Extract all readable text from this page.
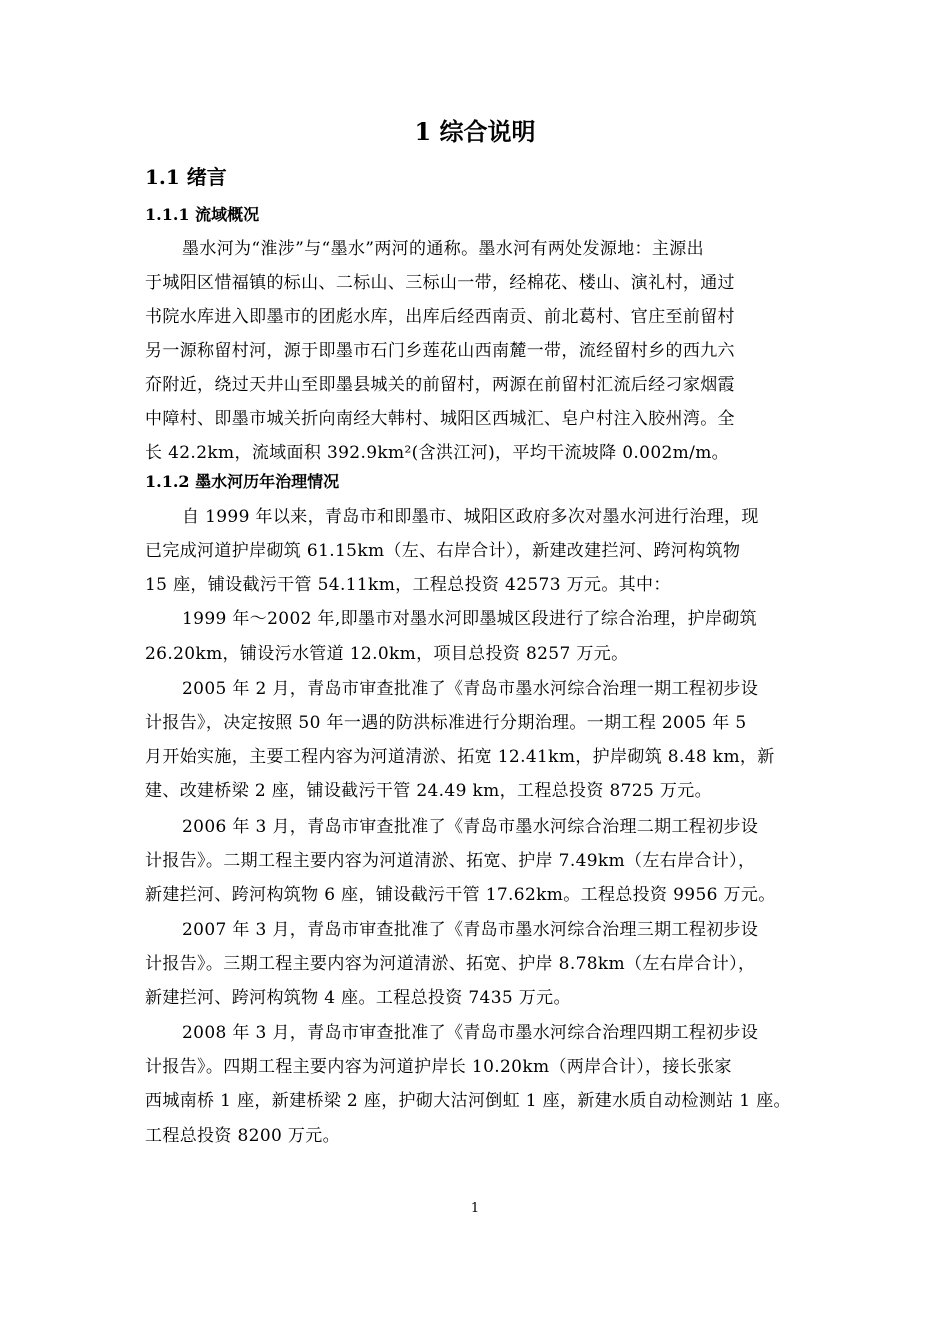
1 综合说明
1.1 绪言
1.1.1 流域概况
墨水河为“淮涉”与“墨水”两河的通称。墨水河有两处发源地：主源出
于城阳区惜福镇的标山、二标山、三标山一带，经棉花、楼山、演礼村，通过
书院水库进入即墨市的团彪水库，出库后经西南贡、前北葛村、官庄至前留村
另一源称留村河，源于即墨市石门乡莲花山西南麓一带，流经留村乡的西九六
夼附近，绕过天井山至即墨县城关的前留村，两源在前留村汇流后经刁家烟霞
中障村、即墨市城关折向南经大韩村、城阳区西城汇、皂户村注入胶州湾。全
长 42.2km，流域面积 392.9km²(含洪江河)，平均干流坡降 0.002m/m。
1.1.2 墨水河历年治理情况
自 1999 年以来，青岛市和即墨市、城阳区政府多次对墨水河进行治理，现
已完成河道护岸砌筑 61.15km（左、右岸合计），新建改建拦河、跨河构筑物
15 座，铺设截污干管 54.11km，工程总投资 42573 万元。其中：
1999 年～2002 年,即墨市对墨水河即墨城区段进行了综合治理，护岸砌筑
26.20km，铺设污水管道 12.0km，项目总投资 8257 万元。
2005 年 2 月，青岛市审查批准了《青岛市墨水河综合治理一期工程初步设
计报告》，决定按照 50 年一遇的防洪标准进行分期治理。一期工程 2005 年 5
月开始实施，主要工程内容为河道清淤、拓宽 12.41km，护岸砌筑 8.48 km，新
建、改建桥梁 2 座，铺设截污干管 24.49 km，工程总投资 8725 万元。
2006 年 3 月，青岛市审查批准了《青岛市墨水河综合治理二期工程初步设
计报告》。二期工程主要内容为河道清淤、拓宽、护岸 7.49km（左右岸合计），
新建拦河、跨河构筑物 6 座，铺设截污干管 17.62km。工程总投资 9956 万元。
2007 年 3 月，青岛市审查批准了《青岛市墨水河综合治理三期工程初步设
计报告》。三期工程主要内容为河道清淤、拓宽、护岸 8.78km（左右岸合计），
新建拦河、跨河构筑物 4 座。工程总投资 7435 万元。
2008 年 3 月，青岛市审查批准了《青岛市墨水河综合治理四期工程初步设
计报告》。四期工程主要内容为河道护岸长 10.20km（两岸合计），接长张家
西城南桥 1 座，新建桥梁 2 座，护砌大沽河倒虹 1 座，新建水质自动检测站 1 座。
工程总投资 8200 万元。
1
